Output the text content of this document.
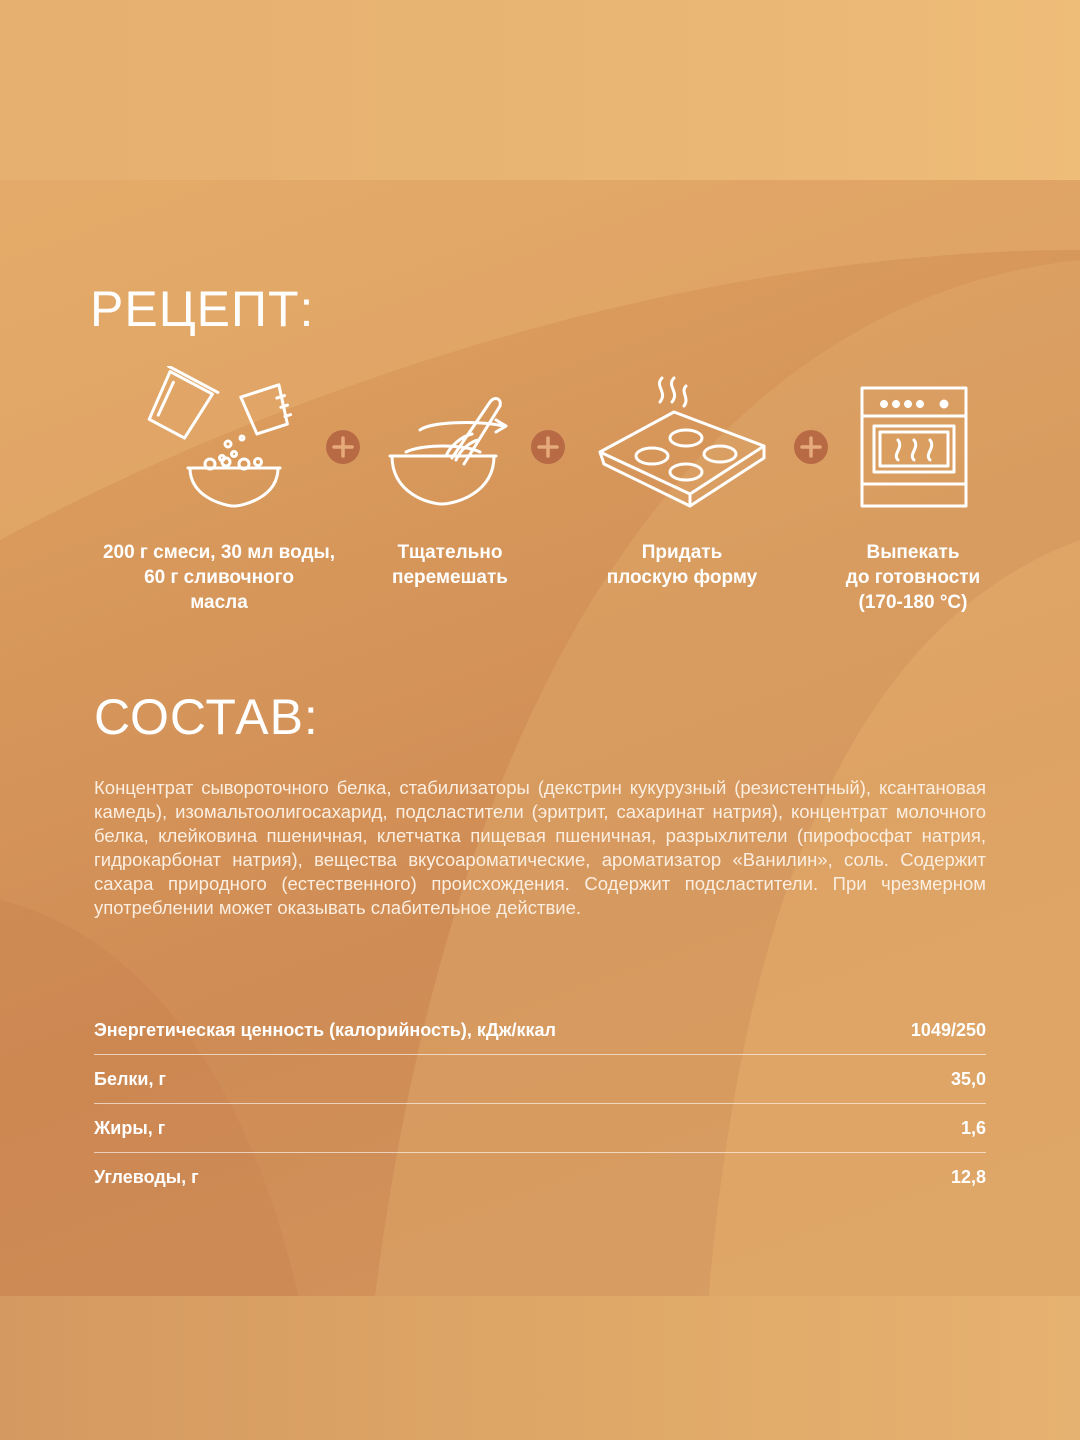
РЕЦЕПТ:
200 г смеси, 30 мл воды,
60 г сливочного
масла
Тщательно
перемешать
Придать
плоскую форму
Выпекать
до готовности
(170-180 °C)
СОСТАВ:

Концентрат сывороточного белка, стабилизаторы (декстрин кукурузный (резистентный), ксантановая камедь), изомальтоолигосахарид, подсластители (эритрит, сахаринат натрия), концентрат молочного белка, клейковина пшеничная, клетчатка пищевая пшеничная, разрыхлители (пирофосфат натрия, гидрокарбонат натрия), вещества вкусоароматические, ароматизатор «Ванилин», соль. Содержит сахара природного (естественного) происхождения. Содержит подсластители. При чрезмерном употреблении может оказывать слабительное действие.

Энергетическая ценность (калорийность), кДж/ккал	1049/250
Белки, г	35,0
Жиры, г	1,6
Углеводы, г	12,8
